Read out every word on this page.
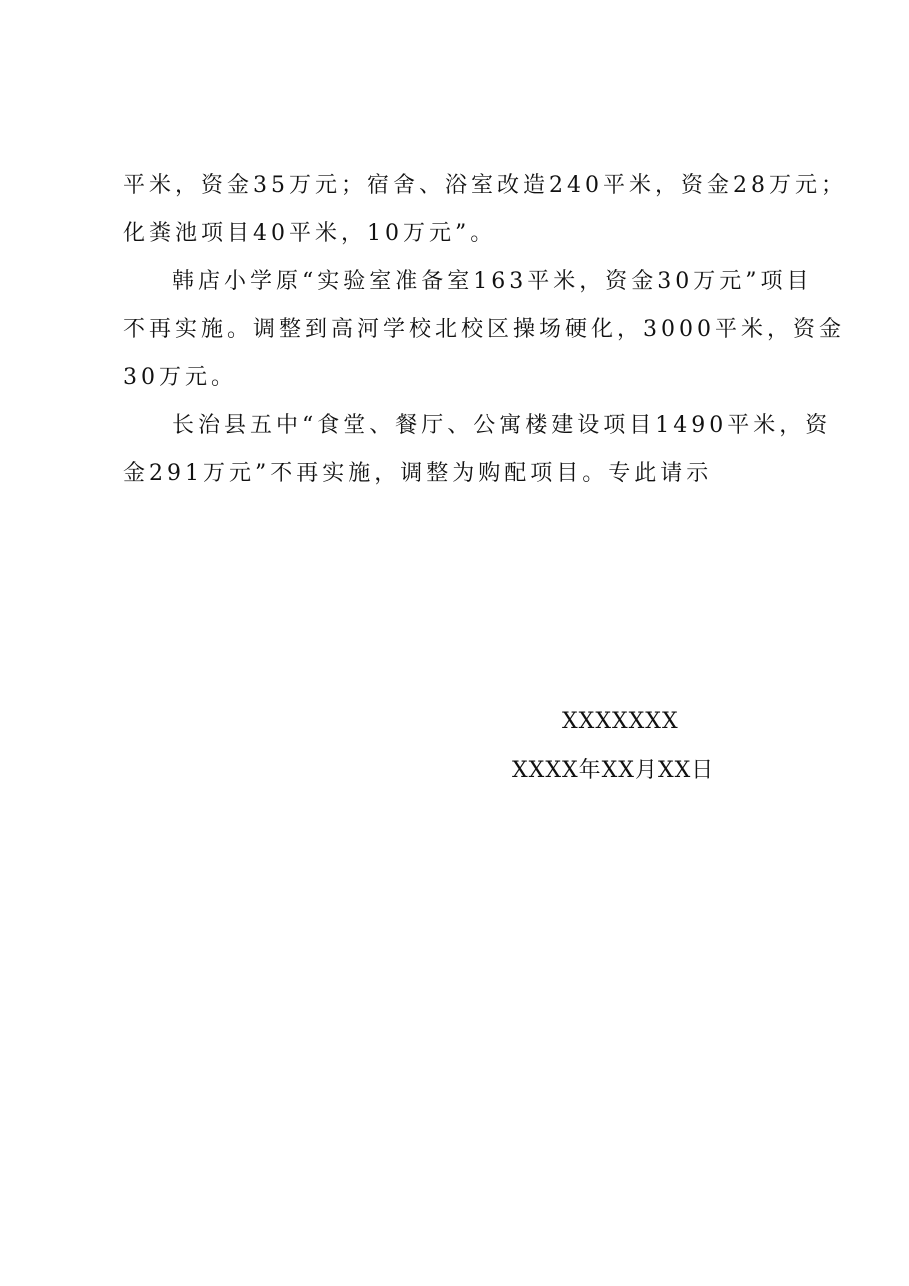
平米，资金35万元；宿舍、浴室改造240平米，资金28万元；
化粪池项目40平米，10万元”。
韩店小学原“实验室准备室163平米，资金30万元”项目
不再实施。调整到高河学校北校区操场硬化，3000平米，资金
30万元。
长治县五中“食堂、餐厅、公寓楼建设项目1490平米，资
金291万元”不再实施，调整为购配项目。专此请示
XXXXXXX
XXXX年XX月XX日
